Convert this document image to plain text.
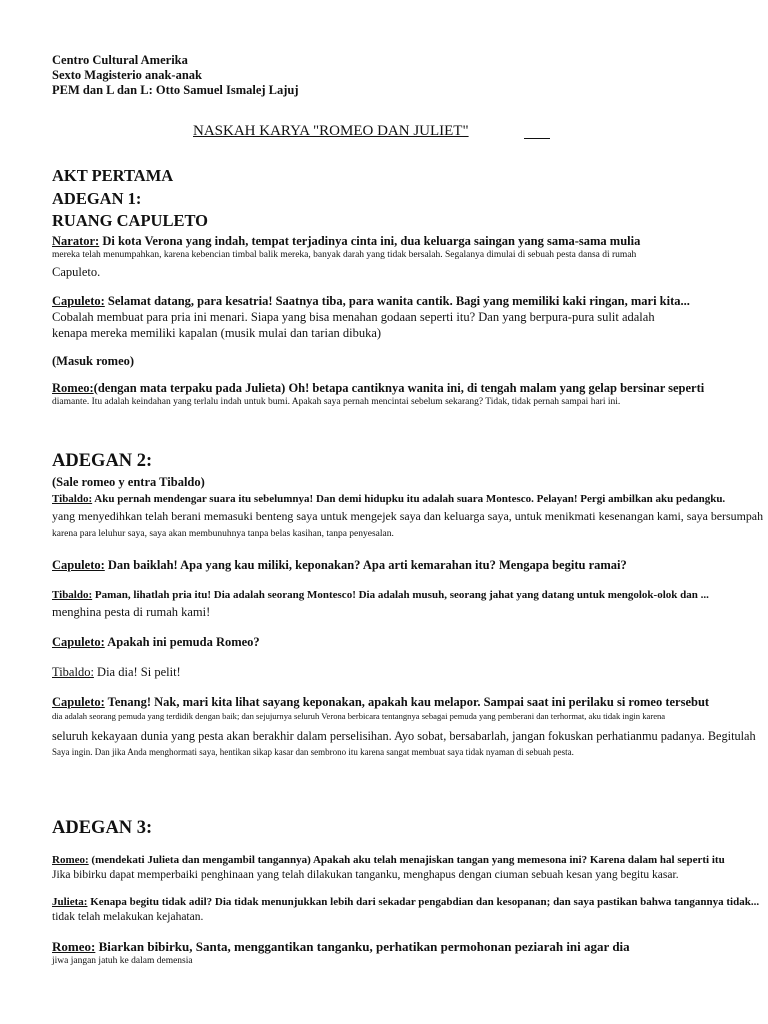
Centro Cultural Amerika
Sexto Magisterio anak-anak
PEM dan L dan L: Otto Samuel Ismalej Lajuj
NASKAH KARYA "ROMEO DAN JULIET"
AKT PERTAMA
ADEGAN 1:
RUANG CAPULETO
Narator: Di kota Verona yang indah, tempat terjadinya cinta ini, dua keluarga saingan yang sama-sama mulia
mereka telah menumpahkan, karena kebencian timbal balik mereka, banyak darah yang tidak bersalah. Segalanya dimulai di sebuah pesta dansa di rumah
Capuleto.
Capuleto: Selamat datang, para kesatria! Saatnya tiba, para wanita cantik. Bagi yang memiliki kaki ringan, mari kita...
Cobalah membuat para pria ini menari. Siapa yang bisa menahan godaan seperti itu? Dan yang berpura-pura sulit adalah
kenapa mereka memiliki kapalan (musik mulai dan tarian dibuka)
(Masuk romeo)
Romeo:(dengan mata terpaku pada Julieta) Oh! betapa cantiknya wanita ini, di tengah malam yang gelap bersinar seperti
diamante. Itu adalah keindahan yang terlalu indah untuk bumi. Apakah saya pernah mencintai sebelum sekarang? Tidak, tidak pernah sampai hari ini.
ADEGAN 2:
(Sale romeo y entra Tibaldo)
Tibaldo: Aku pernah mendengar suara itu sebelumnya! Dan demi hidupku itu adalah suara Montesco. Pelayan! Pergi ambilkan aku pedangku.
yang menyedihkan telah berani memasuki benteng saya untuk mengejek saya dan keluarga saya, untuk menikmati kesenangan kami, saya bersumpah
karena para leluhur saya, saya akan membunuhnya tanpa belas kasihan, tanpa penyesalan.
Capuleto: Dan baiklah! Apa yang kau miliki, keponakan? Apa arti kemarahan itu? Mengapa begitu ramai?
Tibaldo: Paman, lihatlah pria itu! Dia adalah seorang Montesco! Dia adalah musuh, seorang jahat yang datang untuk mengolok-olok dan ...
menghina pesta di rumah kami!
Capuleto: Apakah ini pemuda Romeo?
Tibaldo: Dia dia! Si pelit!
Capuleto: Tenang! Nak, mari kita lihat sayang keponakan, apakah kau melapor. Sampai saat ini perilaku si romeo tersebut
dia adalah seorang pemuda yang terdidik dengan baik; dan sejujurnya seluruh Verona berbicara tentangnya sebagai pemuda yang pemberani dan terhormat, aku tidak ingin karena
seluruh kekayaan dunia yang pesta akan berakhir dalam perselisihan. Ayo sobat, bersabarlah, jangan fokuskan perhatianmu padanya. Begitulah
Saya ingin. Dan jika Anda menghormati saya, hentikan sikap kasar dan sembrono itu karena sangat membuat saya tidak nyaman di sebuah pesta.
ADEGAN 3:
Romeo: (mendekati Julieta dan mengambil tangannya) Apakah aku telah menajiskan tangan yang memesona ini? Karena dalam hal seperti itu
Jika bibirku dapat memperbaiki penghinaan yang telah dilakukan tanganku, menghapus dengan ciuman sebuah kesan yang begitu kasar.
Julieta: Kenapa begitu tidak adil? Dia tidak menunjukkan lebih dari sekadar pengabdian dan kesopanan; dan saya pastikan bahwa tangannya tidak...
tidak telah melakukan kejahatan.
Romeo: Biarkan bibirku, Santa, menggantikan tanganku, perhatikan permohonan peziarah ini agar dia
jiwa jangan jatuh ke dalam demensia
